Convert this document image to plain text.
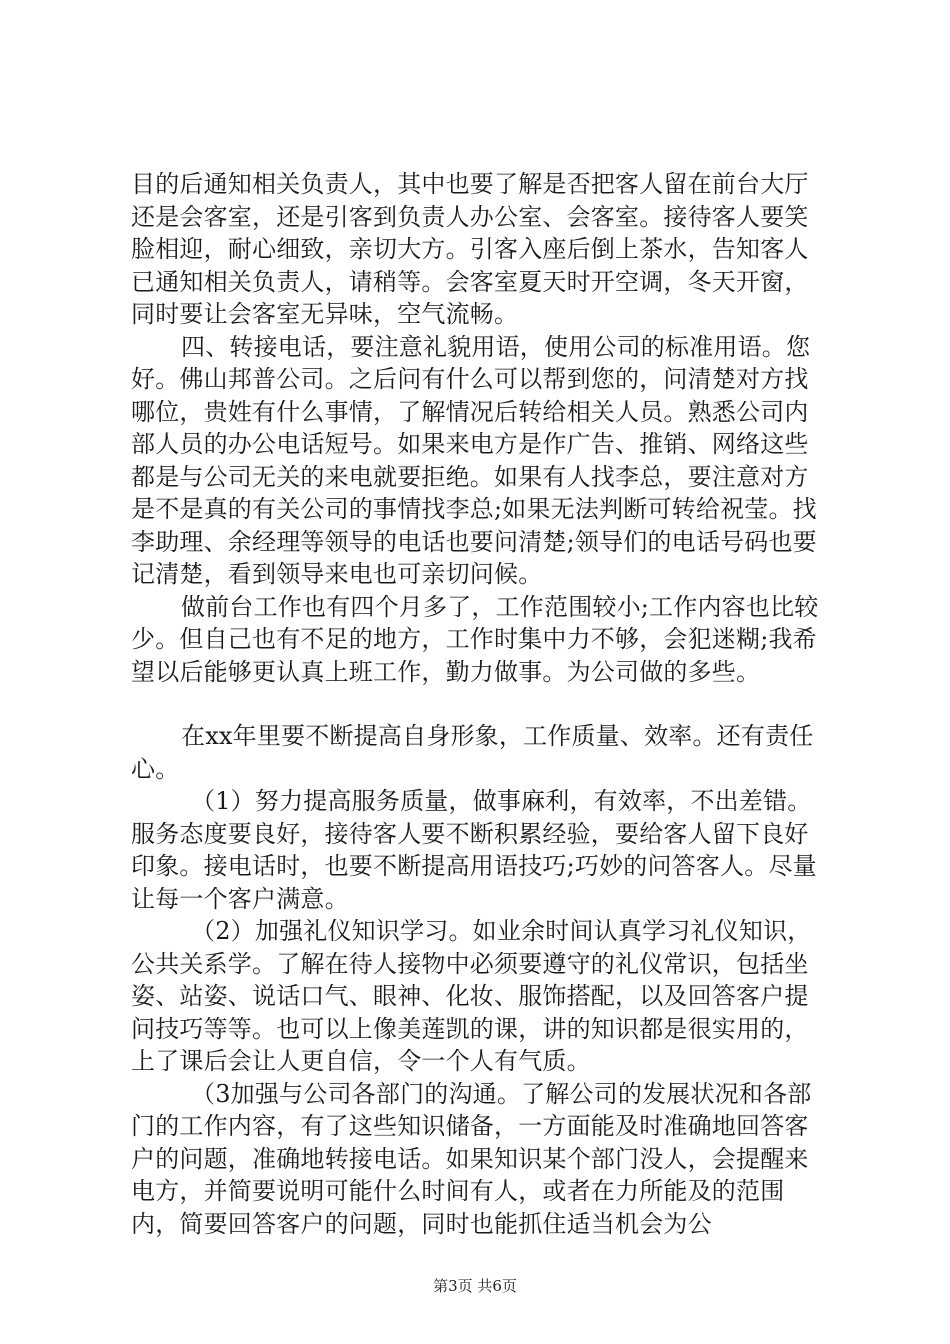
目的后通知相关负责人，其中也要了解是否把客人留在前台大厅还是会客室，还是引客到负责人办公室、会客室。接待客人要笑脸相迎，耐心细致，亲切大方。引客入座后倒上茶水，告知客人已通知相关负责人，请稍等。会客室夏天时开空调，冬天开窗，同时要让会客室无异味，空气流畅。

四、转接电话，要注意礼貌用语，使用公司的标准用语。您好。佛山邦普公司。之后问有什么可以帮到您的，问清楚对方找哪位，贵姓有什么事情，了解情况后转给相关人员。熟悉公司内部人员的办公电话短号。如果来电方是作广告、推销、网络这些都是与公司无关的来电就要拒绝。如果有人找李总，要注意对方是不是真的有关公司的事情找李总;如果无法判断可转给祝莹。找李助理、余经理等领导的电话也要问清楚;领导们的电话号码也要记清楚，看到领导来电也可亲切问候。

做前台工作也有四个月多了，工作范围较小;工作内容也比较少。但自己也有不足的地方，工作时集中力不够，会犯迷糊;我希望以后能够更认真上班工作，勤力做事。为公司做的多些。

在xx年里要不断提高自身形象，工作质量、效率。还有责任心。

（1）努力提高服务质量，做事麻利，有效率，不出差错。服务态度要良好，接待客人要不断积累经验，要给客人留下良好印象。接电话时，也要不断提高用语技巧;巧妙的问答客人。尽量让每一个客户满意。

（2）加强礼仪知识学习。如业余时间认真学习礼仪知识，公共关系学。了解在待人接物中必须要遵守的礼仪常识，包括坐姿、站姿、说话口气、眼神、化妆、服饰搭配，以及回答客户提问技巧等等。也可以上像美莲凯的课，讲的知识都是很实用的，上了课后会让人更自信，令一个人有气质。

（3加强与公司各部门的沟通。了解公司的发展状况和各部门的工作内容，有了这些知识储备，一方面能及时准确地回答客户的问题，准确地转接电话。如果知识某个部门没人，会提醒来电方，并简要说明可能什么时间有人，或者在力所能及的范围内，简要回答客户的问题，同时也能抓住适当机会为公

第3页 共6页
